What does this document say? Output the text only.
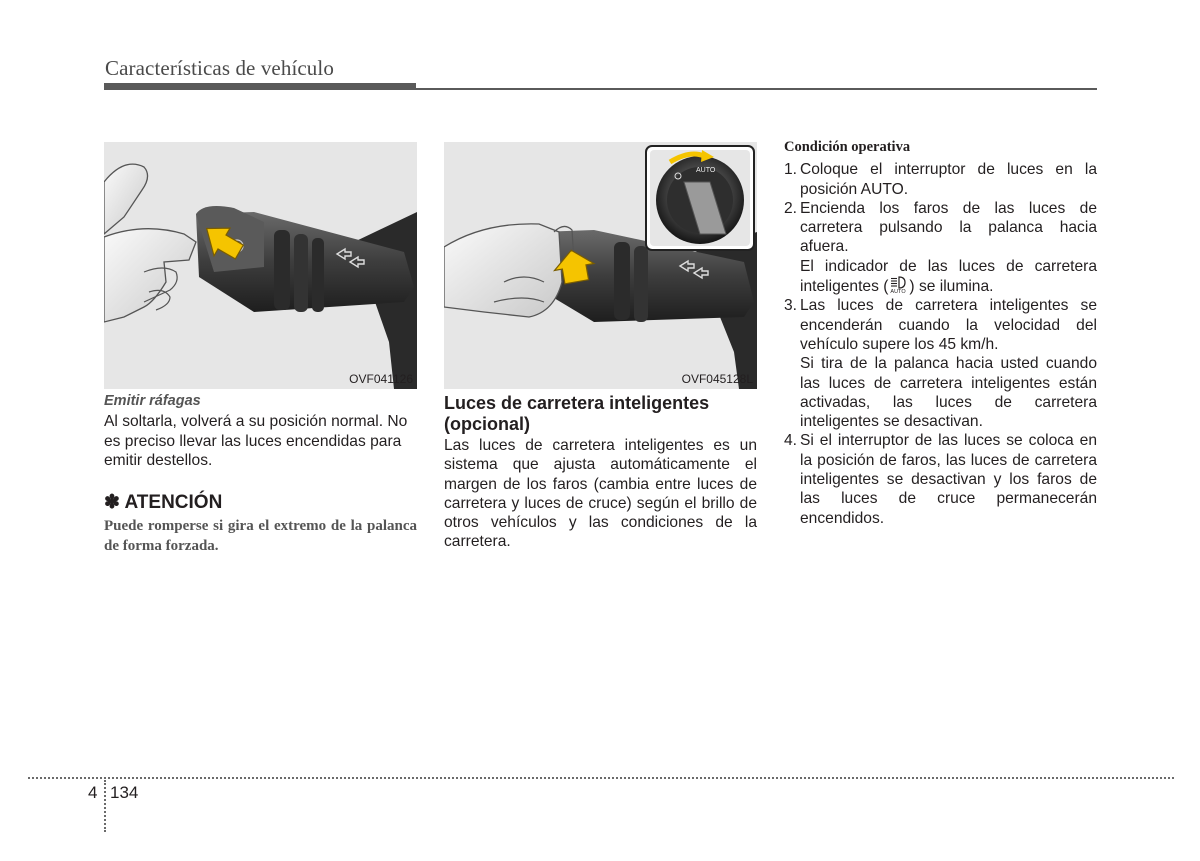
Características de vehículo
OVF041126
AUTO
OVF045128L

Emitir ráfagas

Al soltarla, volverá a su posición normal. No es preciso llevar las luces encendidas para emitir destellos.

✽ ATENCIÓN

Puede romperse si gira el extremo de la palanca de forma forzada.

Luces de carretera inteligentes (opcional)

Las luces de carretera inteligentes es un sistema que ajusta automáticamente el margen de los faros (cambia entre luces de carretera y luces de cruce) según el brillo de otros vehículos y las condiciones de la carretera.

Condición operativa

1. Coloque el interruptor de luces en la posición AUTO.
2. Encienda los faros de las luces de carretera pulsando la palanca hacia afuera.

El indicador de las luces de carretera inteligentes ( AUTO ) se ilumina.

3. Las luces de carretera inteligentes se encenderán cuando la velocidad del vehículo supere los 45 km/h.

Si tira de la palanca hacia usted cuando las luces de carretera inteligentes están activadas, las luces de carretera inteligentes se desactivan.

4. Si el interruptor de las luces se coloca en la posición de faros, las luces de carretera inteligentes se desactivan y los faros de las luces de cruce permanecerán encendidos.
4 134
